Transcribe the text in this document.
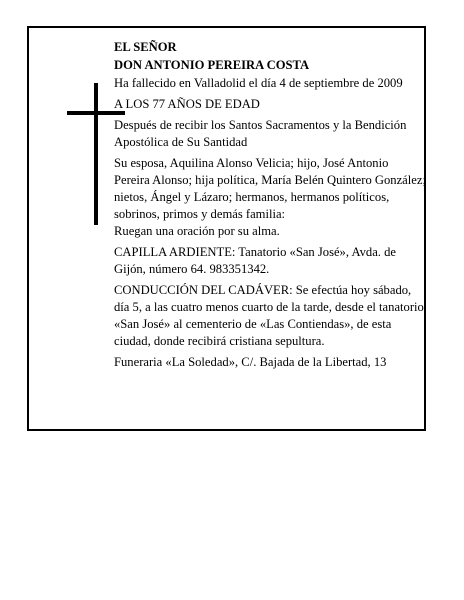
EL SEÑOR

DON ANTONIO PEREIRA COSTA

Ha fallecido en Valladolid el día 4 de septiembre de 2009

A LOS 77 AÑOS DE EDAD

Después de recibir los Santos Sacramentos y la Bendición Apostólica de Su Santidad

Su esposa, Aquilina Alonso Velicia; hijo, José Antonio Pereira Alonso; hija política, María Belén Quintero González; nietos, Ángel y Lázaro; hermanos, hermanos políticos, sobrinos, primos y demás familia:

Ruegan una oración por su alma.

CAPILLA ARDIENTE: Tanatorio «San José», Avda. de Gijón, número 64. 983351342.

CONDUCCIÓN DEL CADÁVER: Se efectúa hoy sábado, día 5, a las cuatro menos cuarto de la tarde, desde el tanatorio «San José» al cementerio de «Las Contiendas», de esta ciudad, donde recibirá cristiana sepultura.

Funeraria «La Soledad», C/. Bajada de la Libertad, 13
